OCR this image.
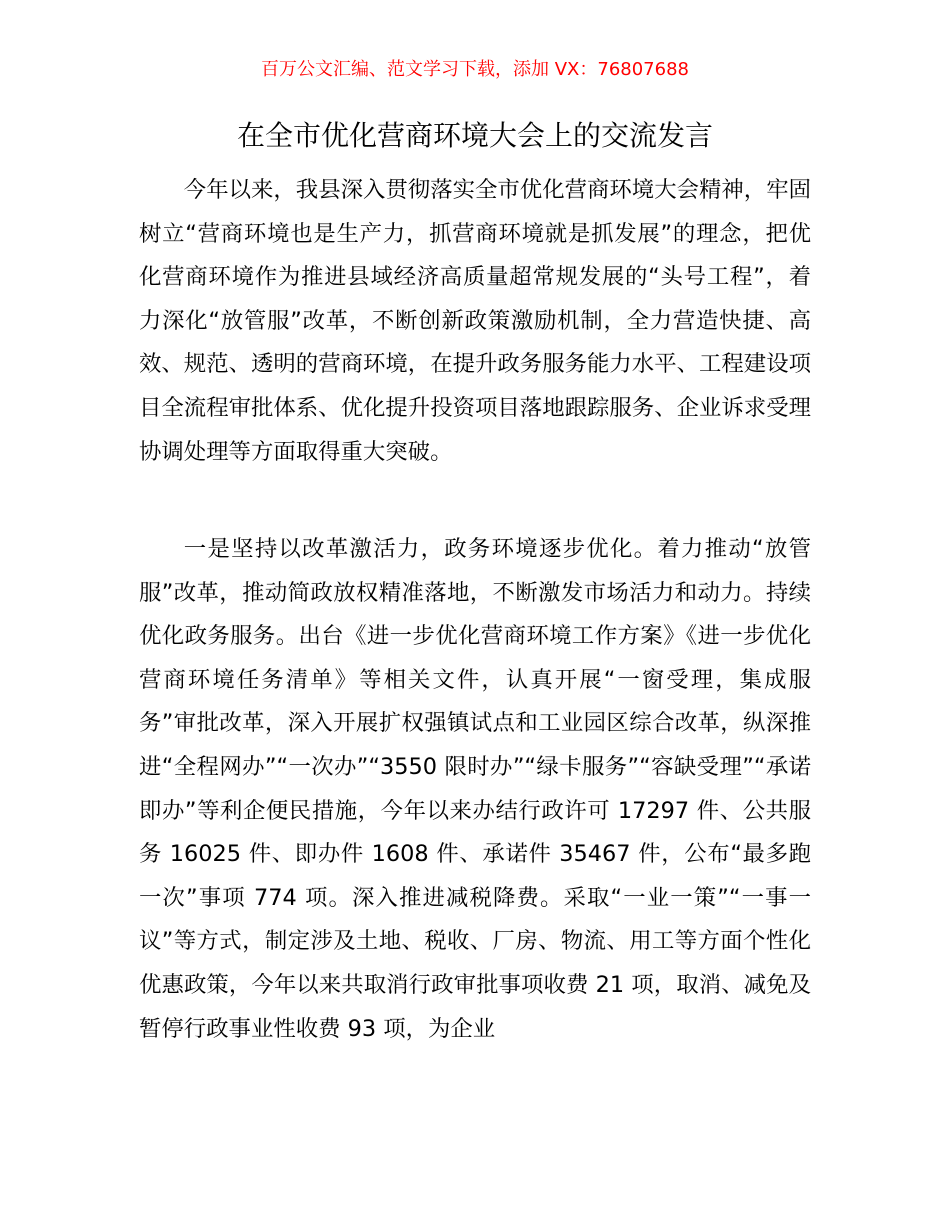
百万公文汇编、范文学习下载，添加 VX：76807688
在全市优化营商环境大会上的交流发言

今年以来，我县深入贯彻落实全市优化营商环境大会精神，牢固树立“营商环境也是生产力，抓营商环境就是抓发展”的理念，把优化营商环境作为推进县域经济高质量超常规发展的“头号工程”，着力深化“放管服”改革，不断创新政策激励机制，全力营造快捷、高效、规范、透明的营商环境，在提升政务服务能力水平、工程建设项目全流程审批体系、优化提升投资项目落地跟踪服务、企业诉求受理协调处理等方面取得重大突破。

一是坚持以改革激活力，政务环境逐步优化。着力推动“放管服”改革，推动简政放权精准落地，不断激发市场活力和动力。持续优化政务服务。出台《进一步优化营商环境工作方案》《进一步优化营商环境任务清单》等相关文件，认真开展“一窗受理，集成服务”审批改革，深入开展扩权强镇试点和工业园区综合改革，纵深推进“全程网办”“一次办”“3550 限时办”“绿卡服务”“容缺受理”“承诺即办”等利企便民措施，今年以来办结行政许可 17297 件、公共服务 16025 件、即办件 1608 件、承诺件 35467 件，公布“最多跑一次”事项 774 项。深入推进减税降费。采取“一业一策”“一事一议”等方式，制定涉及土地、税收、厂房、物流、用工等方面个性化优惠政策，今年以来共取消行政审批事项收费 21 项，取消、减免及暂停行政事业性收费 93 项，为企业
